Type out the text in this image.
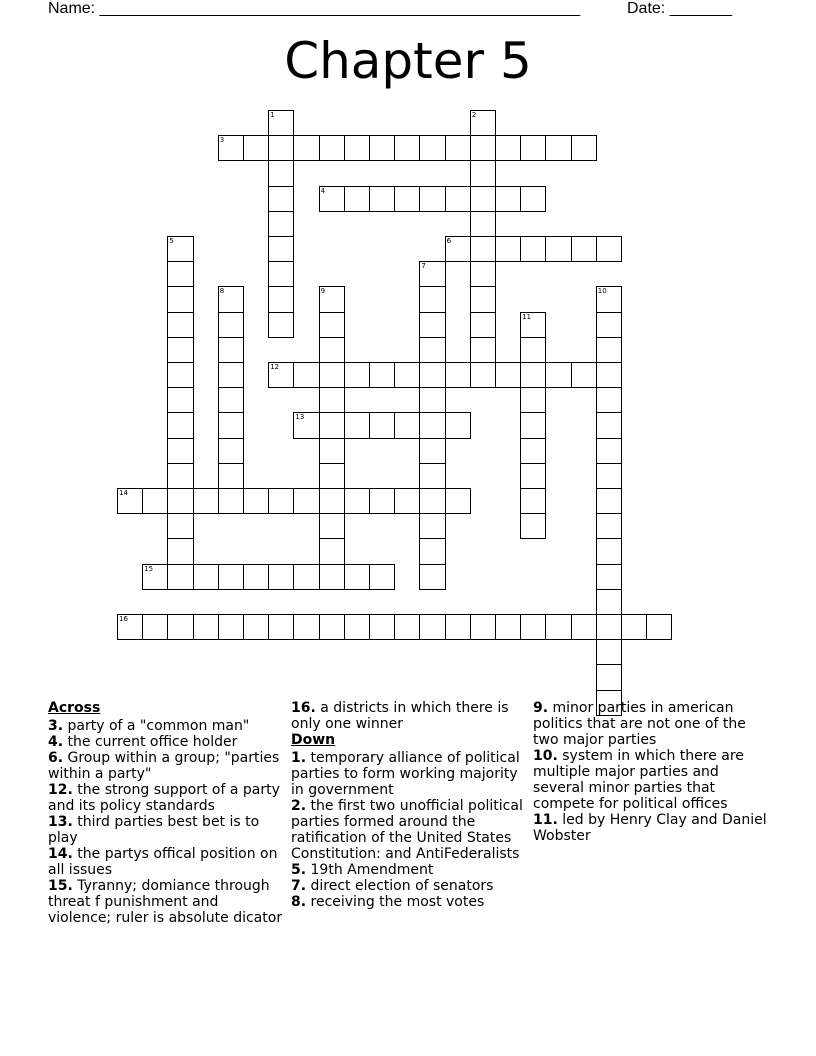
Name: ______________________________________________________	Date: _______
Chapter 5
1	2
3
4
5	6
7
8	9	10
11
12
13
14
15
16
Across
3. party of a "common man"
4. the current office holder
6. Group within a group; "parties within a party"
12. the strong support of a party and its policy standards
13. third parties best bet is to play
14. the partys offical position on all issues
15. Tyranny; domiance through threat f punishment and violence; ruler is absolute dicator
16. a districts in which there is only one winner
Down
1. temporary alliance of political parties to form working majority in government
2. the first two unofficial political parties formed around the ratification of the United States Constitution: and AntiFederalists
5. 19th Amendment
7. direct election of senators
8. receiving the most votes
9. minor parties in american politics that are not one of the two major parties
10. system in which there are multiple major parties and several minor parties that compete for political offices
11. led by Henry Clay and Daniel Wobster
